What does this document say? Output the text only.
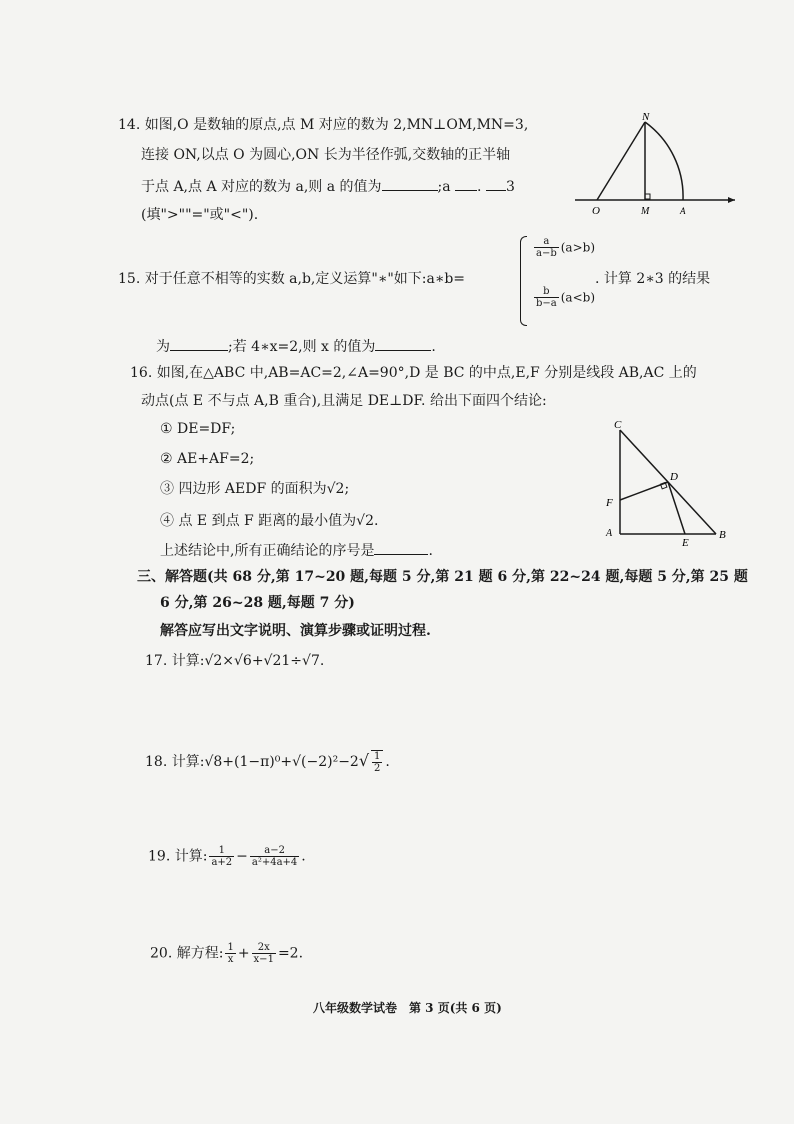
14. 如图,O 是数轴的原点,点 M 对应的数为 2,MN⊥OM,MN=3,
连接 ON,以点 O 为圆心,ON 长为半径作弧,交数轴的正半轴
于点 A,点 A 对应的数为 a,则 a 的值为	;a . 3
(填">""="或"<").
N
O	M	A
15. 对于任意不相等的实数 a,b,定义运算"∗"如下:a∗b=
$\frac{a}{a-b} (a>b)$
$\frac{b}{b-a} (a<b)$
. 计算 2∗3 的结果
为	;若 4∗x=2,则 x 的值为	.
16. 如图,在△ABC 中,AB=AC=2,∠A=90°,D 是 BC 的中点,E,F 分别是线段 AB,AC 上的
动点(点 E 不与点 A,B 重合),且满足 DE⊥DF. 给出下面四个结论:
① DE=DF;
② AE+AF=2;
③ 四边形 AEDF 的面积为√2;
④ 点 E 到点 F 距离的最小值为√2.
上述结论中,所有正确结论的序号是	.
C
D
F
A
E
B
三、解答题(共 68 分,第 17~20 题,每题 5 分,第 21 题 6 分,第 22~24 题,每题 5 分,第 25 题
6 分,第 26~28 题,每题 7 分)
解答应写出文字说明、演算步骤或证明过程.
17. 计算:√2×√6+√21÷√7.
18. 计算:√8+(1−π)⁰+√(−2)²−2√ $\frac{1}{2}$ .
19. 计算: $\frac{1}{a+2} - \frac{a-2}{\text{a²+4a+4}}$ .
20. 解方程: $\frac{1}{x} + \frac{2x}{x-1} =2$.
八年级数学试卷　第 3 页(共 6 页)
